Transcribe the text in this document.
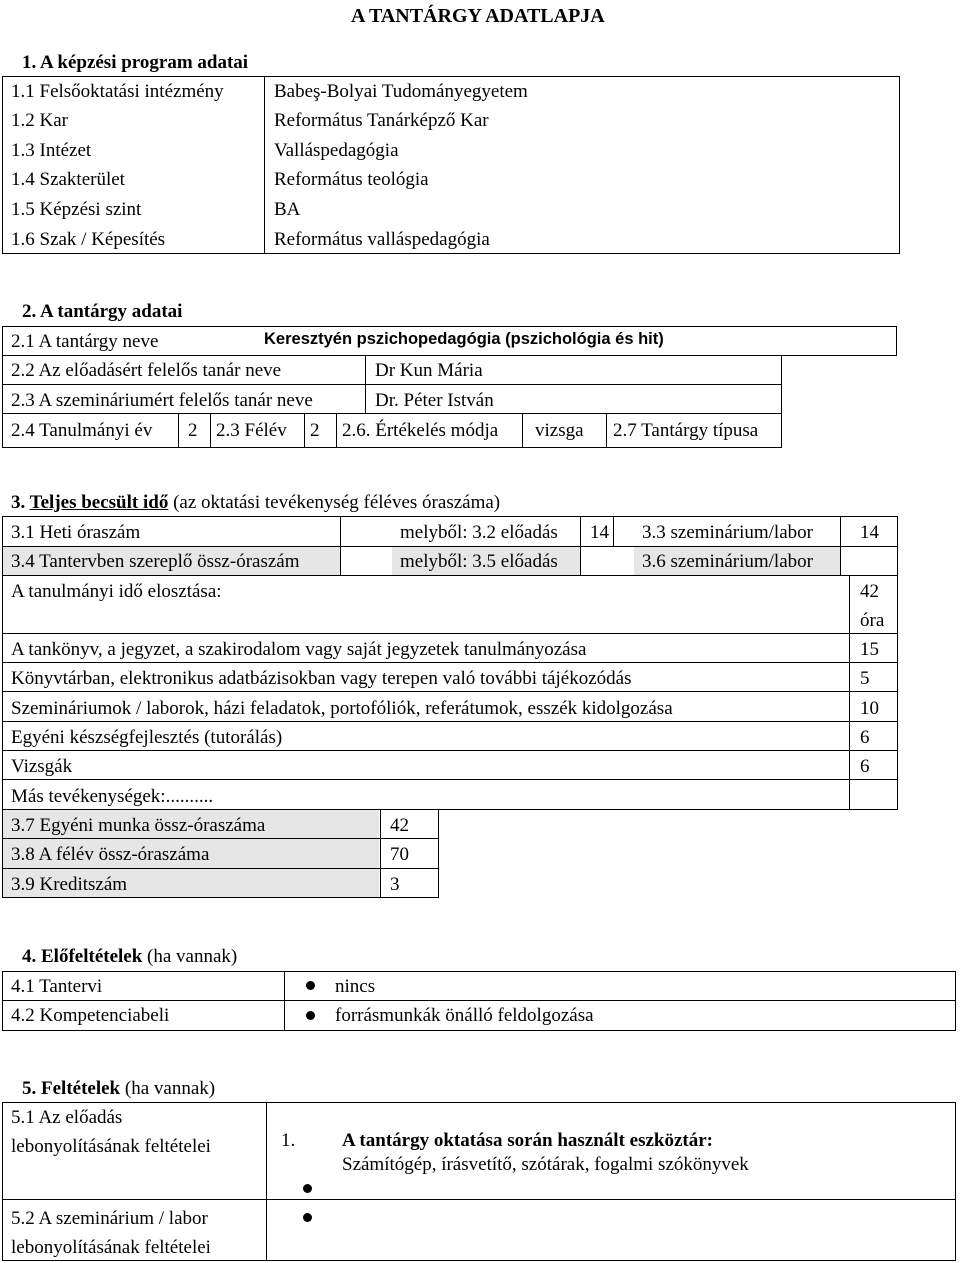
A TANTÁRGY ADATLAPJA
1. A képzési program adatai
1.1 Felsőoktatási intézmény	Babeş-Bolyai Tudományegyetem
1.2 Kar	Református Tanárképző Kar
1.3 Intézet	Valláspedagógia
1.4 Szakterület	Református teológia
1.5 Képzési szint	BA
1.6 Szak / Képesítés	Református valláspedagógia
2. A tantárgy adatai
2.1 A tantárgy neve	Keresztyén pszichopedagógia (pszichológia és hit)
2.2 Az előadásért felelős tanár neve	Dr Kun Mária
2.3 A szemináriumért felelős tanár neve	Dr. Péter István
2.4 Tanulmányi év 2 2.3 Félév 2 2.6. Értékelés módja vizsga 2.7 Tantárgy típusa
3. Teljes becsült idő (az oktatási tevékenység féléves óraszáma)
3.1 Heti óraszám	melyből: 3.2 előadás 14 3.3 szeminárium/labor 14
3.4 Tantervben szereplő össz-óraszám	melyből: 3.5 előadás	3.6 szeminárium/labor
A tanulmányi idő elosztása:	42
óra
A tankönyv, a jegyzet, a szakirodalom vagy saját jegyzetek tanulmányozása	15
Könyvtárban, elektronikus adatbázisokban vagy terepen való további tájékozódás	5
Szemináriumok / laborok, házi feladatok, portofóliók, referátumok, esszék kidolgozása	10
Egyéni készségfejlesztés (tutorálás)	6
Vizsgák	6
Más tevékenységek:..........
3.7 Egyéni munka össz-óraszáma	42
3.8 A félév össz-óraszáma	70
3.9 Kreditszám	3
4. Előfeltételek (ha vannak)
4.1 Tantervi	nincs
4.2 Kompetenciabeli	forrásmunkák önálló feldolgozása
5. Feltételek (ha vannak)
5.1 Az előadás
lebonyolításának feltételei	1. A tantárgy oktatása során használt eszköztár:
Számítógép, írásvetítő, szótárak, fogalmi szókönyvek
5.2 A szeminárium / labor
lebonyolításának feltételei
